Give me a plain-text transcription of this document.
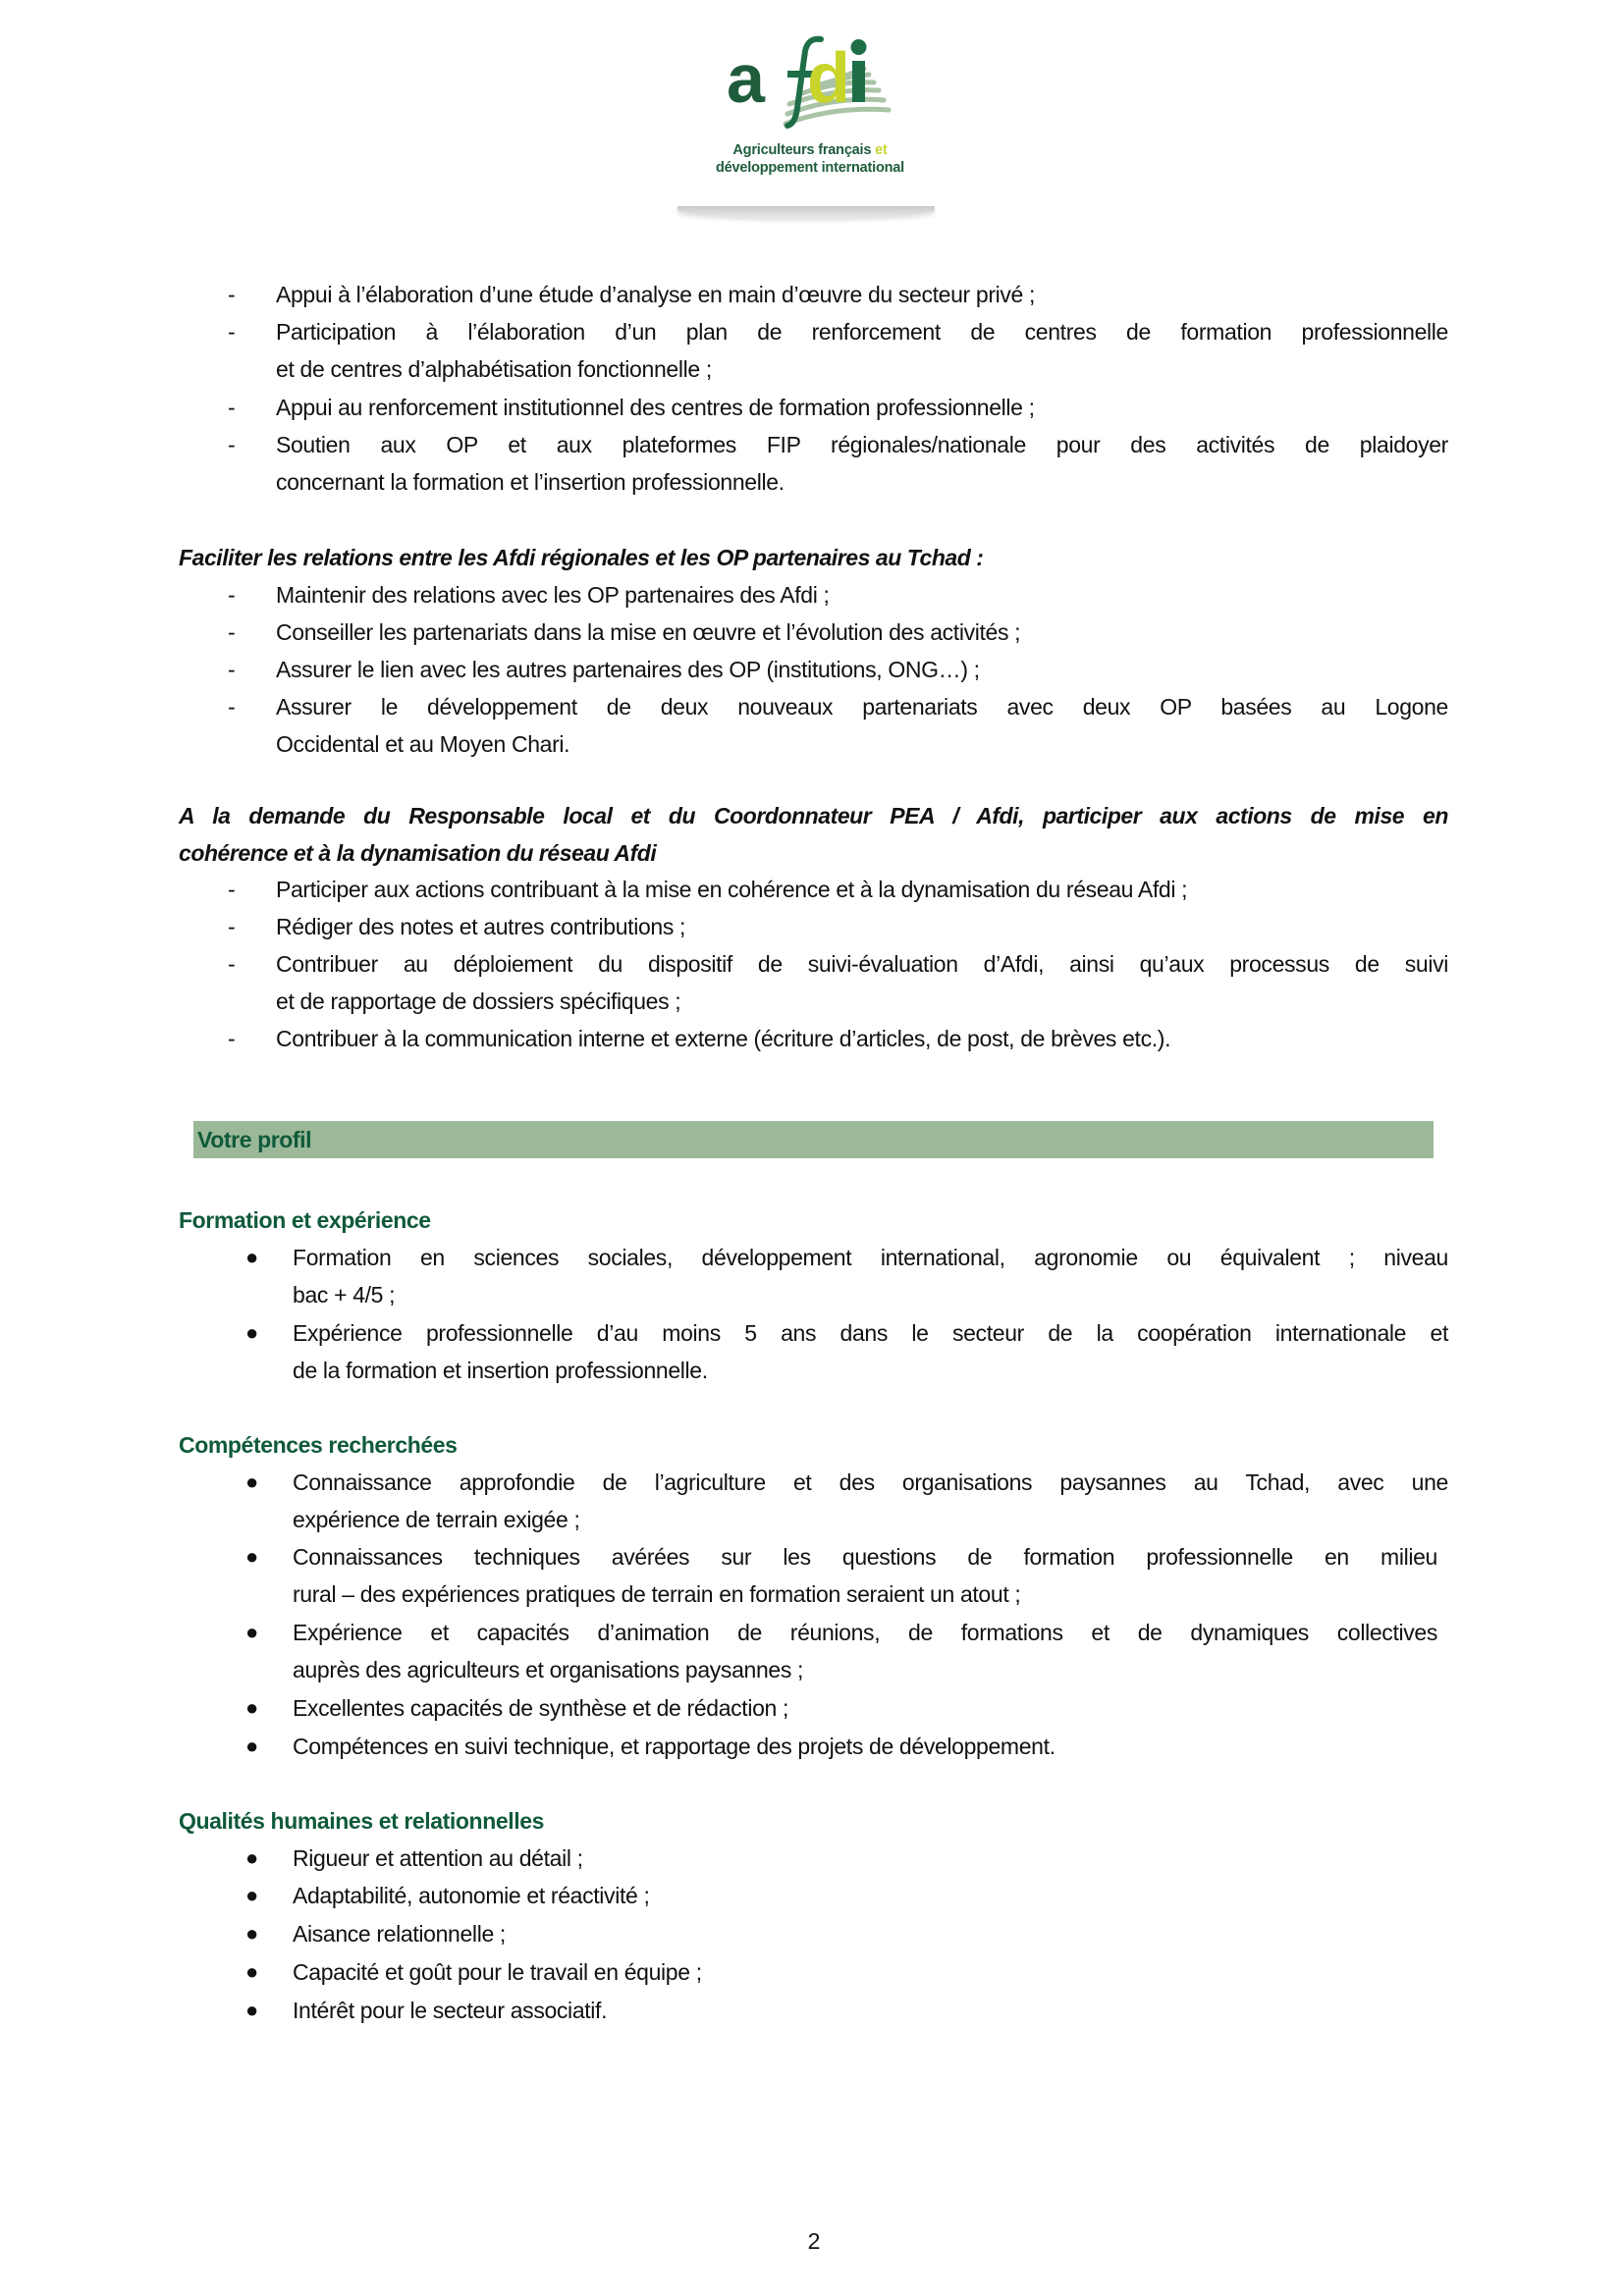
a d
Agriculteurs français et
développement international
- Appui à l’élaboration d’une étude d’analyse en main d’œuvre du secteur privé ;
- Participation à l’élaboration d’un plan de renforcement de centres de formation professionnelle
et de centres d’alphabétisation fonctionnelle ;
- Appui au renforcement institutionnel des centres de formation professionnelle ;
- Soutien aux OP et aux plateformes FIP régionales/nationale pour des activités de plaidoyer
concernant la formation et l’insertion professionnelle.
Faciliter les relations entre les Afdi régionales et les OP partenaires au Tchad :
- Maintenir des relations avec les OP partenaires des Afdi ;
- Conseiller les partenariats dans la mise en œuvre et l’évolution des activités ;
- Assurer le lien avec les autres partenaires des OP (institutions, ONG…) ;
- Assurer le développement de deux nouveaux partenariats avec deux OP basées au Logone
Occidental et au Moyen Chari.
A la demande du Responsable local et du Coordonnateur PEA / Afdi, participer aux actions de mise en
cohérence et à la dynamisation du réseau Afdi
- Participer aux actions contribuant à la mise en cohérence et à la dynamisation du réseau Afdi ;
- Rédiger des notes et autres contributions ;
- Contribuer au déploiement du dispositif de suivi-évaluation d’Afdi, ainsi qu’aux processus de suivi
et de rapportage de dossiers spécifiques ;
- Contribuer à la communication interne et externe (écriture d’articles, de post, de brèves etc.).
Votre profil
Formation et expérience
● Formation en sciences sociales, développement international, agronomie ou équivalent ; niveau
bac + 4/5 ;
● Expérience professionnelle d’au moins 5 ans dans le secteur de la coopération internationale et
de la formation et insertion professionnelle.
Compétences recherchées
● Connaissance approfondie de l’agriculture et des organisations paysannes au Tchad, avec une
expérience de terrain exigée ;
● Connaissances techniques avérées sur les questions de formation professionnelle en milieu
rural – des expériences pratiques de terrain en formation seraient un atout ;
● Expérience et capacités d’animation de réunions, de formations et de dynamiques collectives
auprès des agriculteurs et organisations paysannes ;
● Excellentes capacités de synthèse et de rédaction ;
● Compétences en suivi technique, et rapportage des projets de développement.
Qualités humaines et relationnelles
● Rigueur et attention au détail ;
● Adaptabilité, autonomie et réactivité ;
● Aisance relationnelle ;
● Capacité et goût pour le travail en équipe ;
● Intérêt pour le secteur associatif.
2
